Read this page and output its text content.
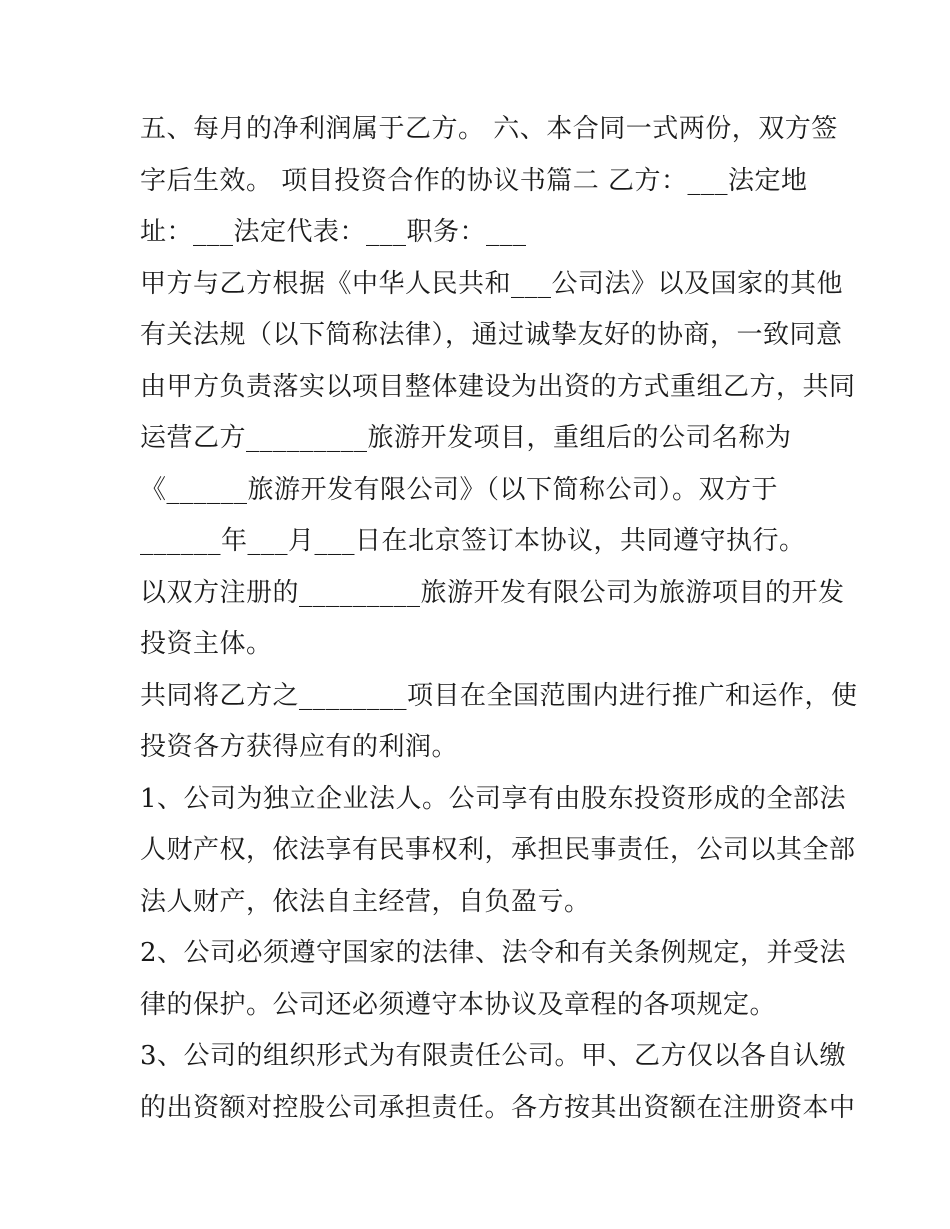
五、每月的净利润属于乙方。 六、本合同一式两份，双方签
字后生效。 项目投资合作的协议书篇二 乙方：___法定地
址：___法定代表：___职务：___
甲方与乙方根据《中华人民共和___公司法》以及国家的其他
有关法规（以下简称法律），通过诚挚友好的协商，一致同意
由甲方负责落实以项目整体建设为出资的方式重组乙方，共同
运营乙方_________旅游开发项目，重组后的公司名称为
《______旅游开发有限公司》（以下简称公司）。双方于
______年___月___日在北京签订本协议，共同遵守执行。
以双方注册的_________旅游开发有限公司为旅游项目的开发
投资主体。
共同将乙方之________项目在全国范围内进行推广和运作，使
投资各方获得应有的利润。
1、公司为独立企业法人。公司享有由股东投资形成的全部法
人财产权，依法享有民事权利，承担民事责任，公司以其全部
法人财产，依法自主经营，自负盈亏。
2、公司必须遵守国家的法律、法令和有关条例规定，并受法
律的保护。公司还必须遵守本协议及章程的各项规定。
3、公司的组织形式为有限责任公司。甲、乙方仅以各自认缴
的出资额对控股公司承担责任。各方按其出资额在注册资本中
